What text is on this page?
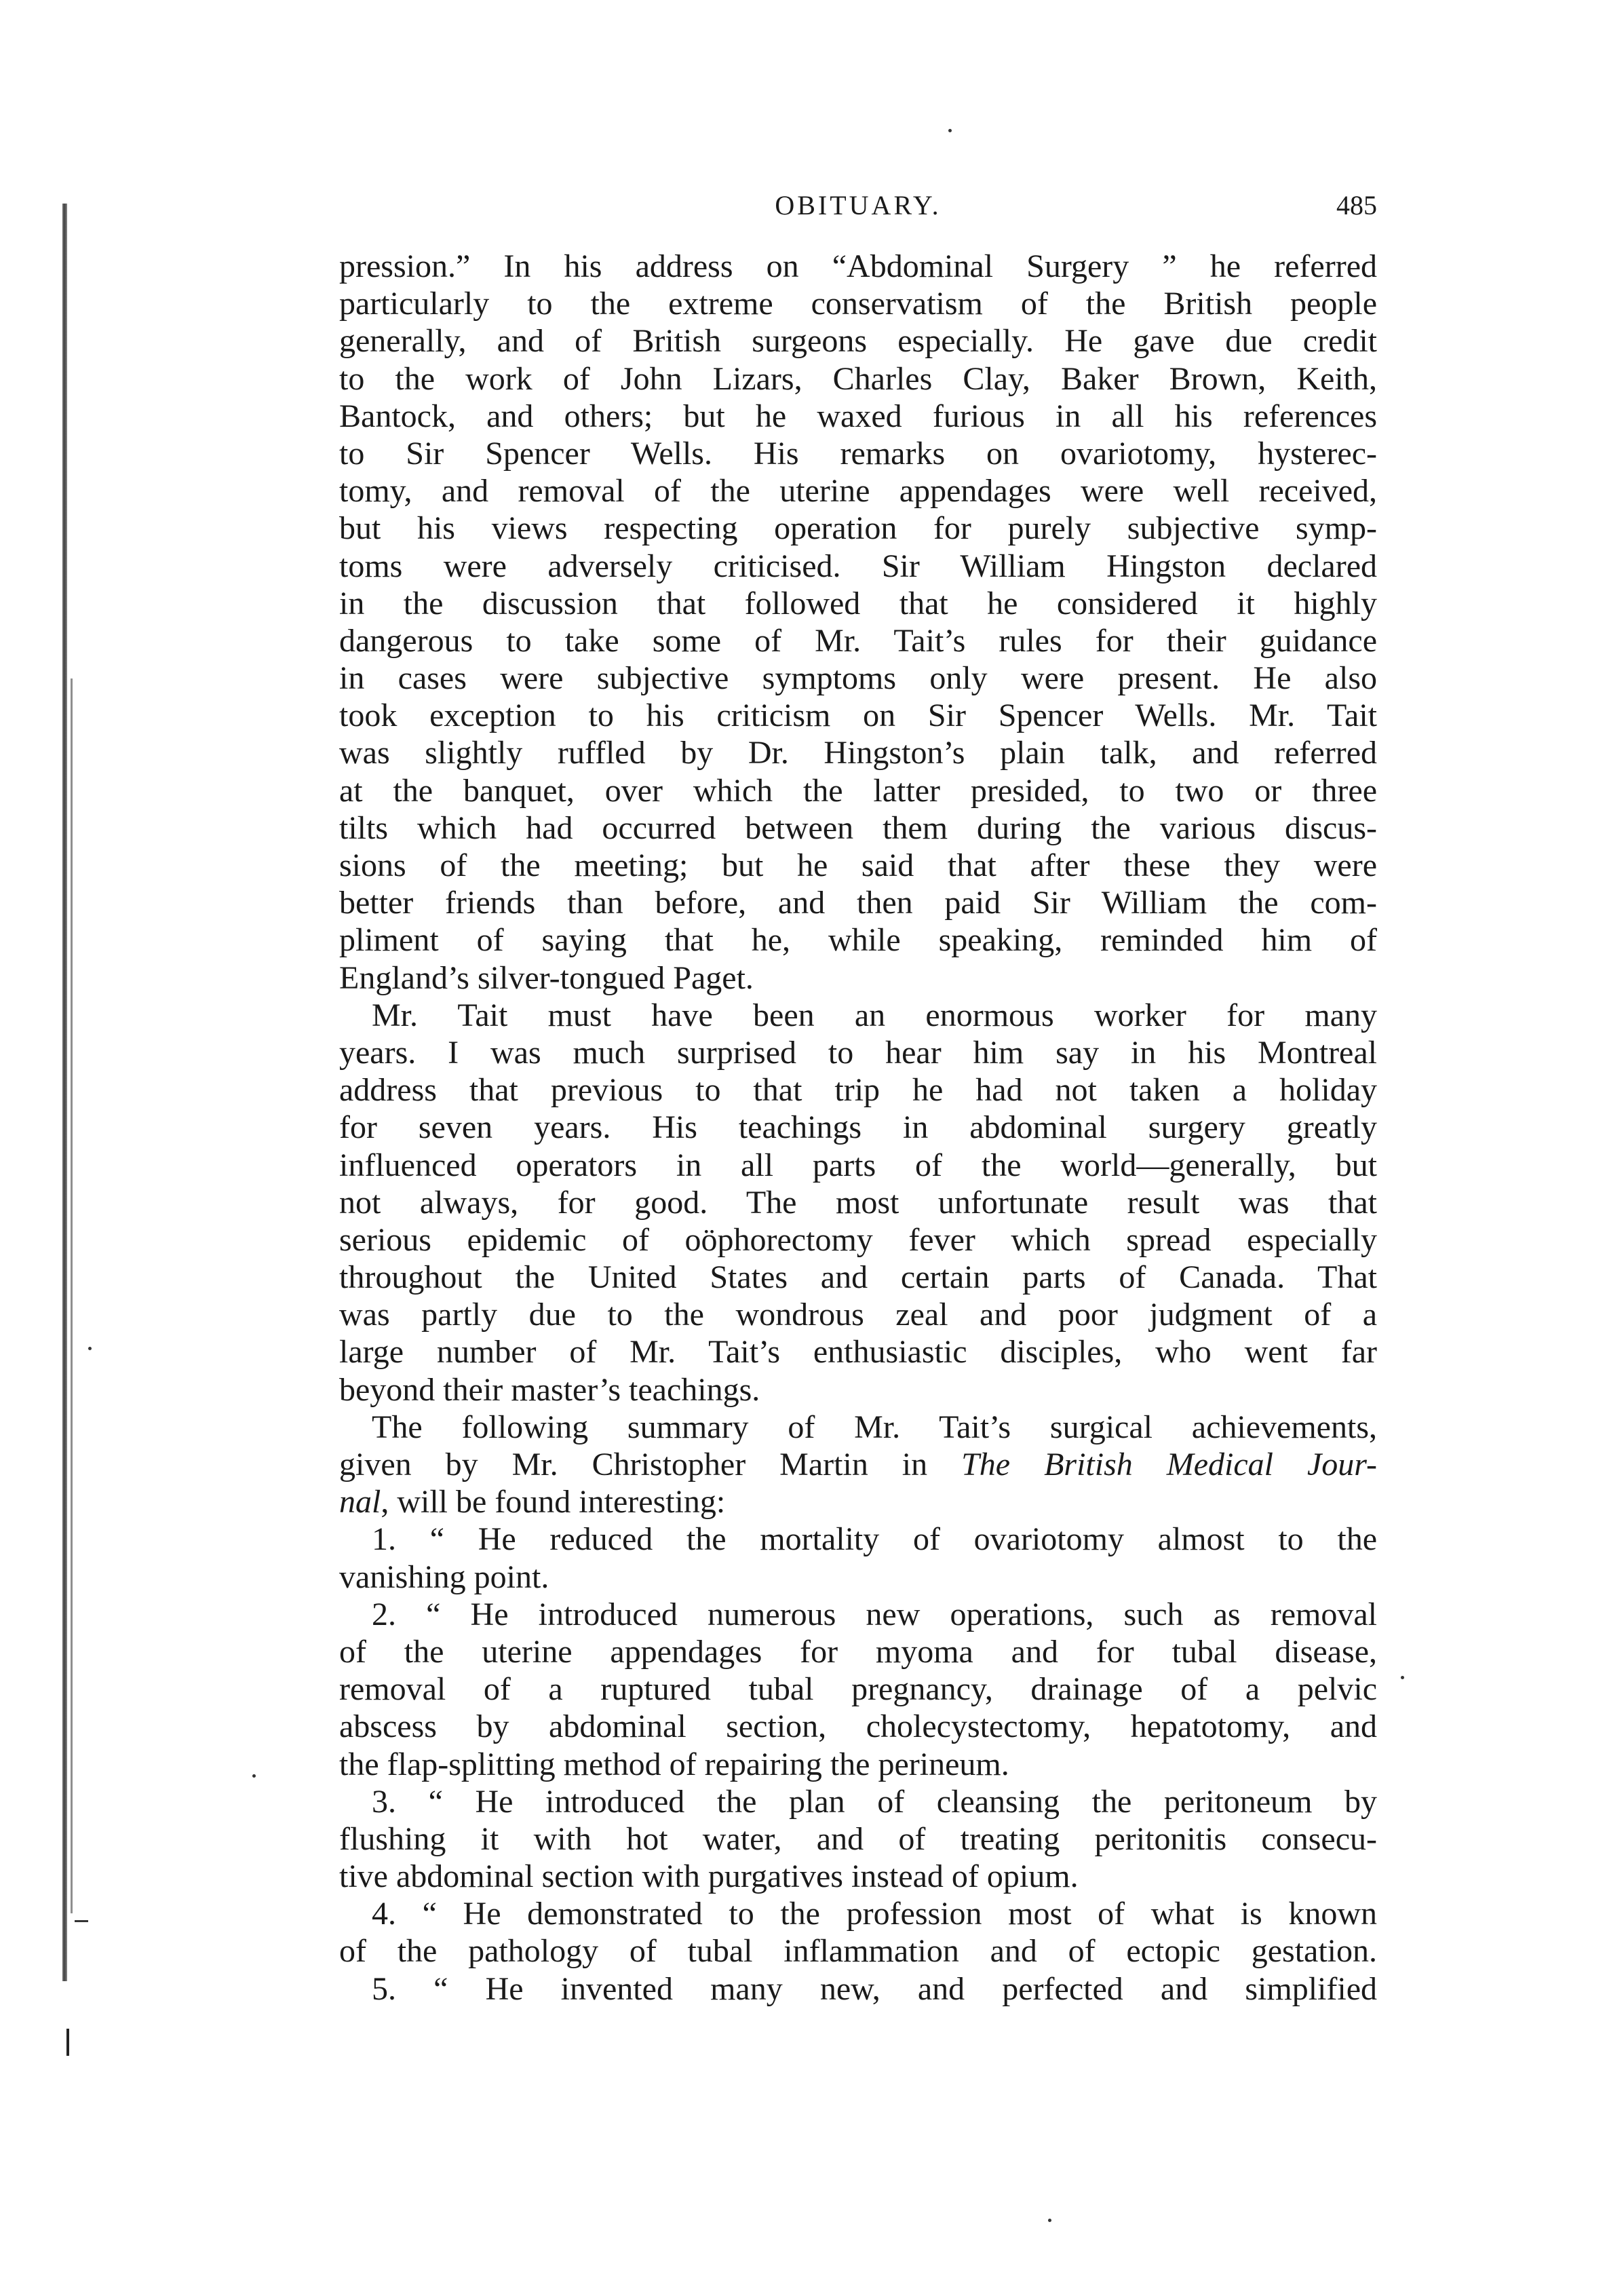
OBITUARY.	485
pression.” In his address on “Abdominal Surgery ” he referred
particularly to the extreme conservatism of the British people
generally, and of British surgeons especially. He gave due credit
to the work of John Lizars, Charles Clay, Baker Brown, Keith,
Bantock, and others; but he waxed furious in all his references
to Sir Spencer Wells. His remarks on ovariotomy, hysterec-
tomy, and removal of the uterine appendages were well received,
but his views respecting operation for purely subjective symp-
toms were adversely criticised. Sir William Hingston declared
in the discussion that followed that he considered it highly
dangerous to take some of Mr. Tait’s rules for their guidance
in cases were subjective symptoms only were present. He also
took exception to his criticism on Sir Spencer Wells. Mr. Tait
was slightly ruffled by Dr. Hingston’s plain talk, and referred
at the banquet, over which the latter presided, to two or three
tilts which had occurred between them during the various discus-
sions of the meeting; but he said that after these they were
better friends than before, and then paid Sir William the com-
pliment of saying that he, while speaking, reminded him of
England’s silver-tongued Paget.
Mr. Tait must have been an enormous worker for many
years. I was much surprised to hear him say in his Montreal
address that previous to that trip he had not taken a holiday
for seven years. His teachings in abdominal surgery greatly
influenced operators in all parts of the world—generally, but
not always, for good. The most unfortunate result was that
serious epidemic of oöphorectomy fever which spread especially
throughout the United States and certain parts of Canada. That
was partly due to the wondrous zeal and poor judgment of a
large number of Mr. Tait’s enthusiastic disciples, who went far
beyond their master’s teachings.
The following summary of Mr. Tait’s surgical achievements,
given by Mr. Christopher Martin in The British Medical Jour-
nal, will be found interesting:
1. “ He reduced the mortality of ovariotomy almost to the
vanishing point.
2. “ He introduced numerous new operations, such as removal
of the uterine appendages for myoma and for tubal disease,
removal of a ruptured tubal pregnancy, drainage of a pelvic
abscess by abdominal section, cholecystectomy, hepatotomy, and
the flap-splitting method of repairing the perineum.
3. “ He introduced the plan of cleansing the peritoneum by
flushing it with hot water, and of treating peritonitis consecu-
tive abdominal section with purgatives instead of opium.
4. “ He demonstrated to the profession most of what is known
of the pathology of tubal inflammation and of ectopic gestation.
5. “ He invented many new, and perfected and simplified
